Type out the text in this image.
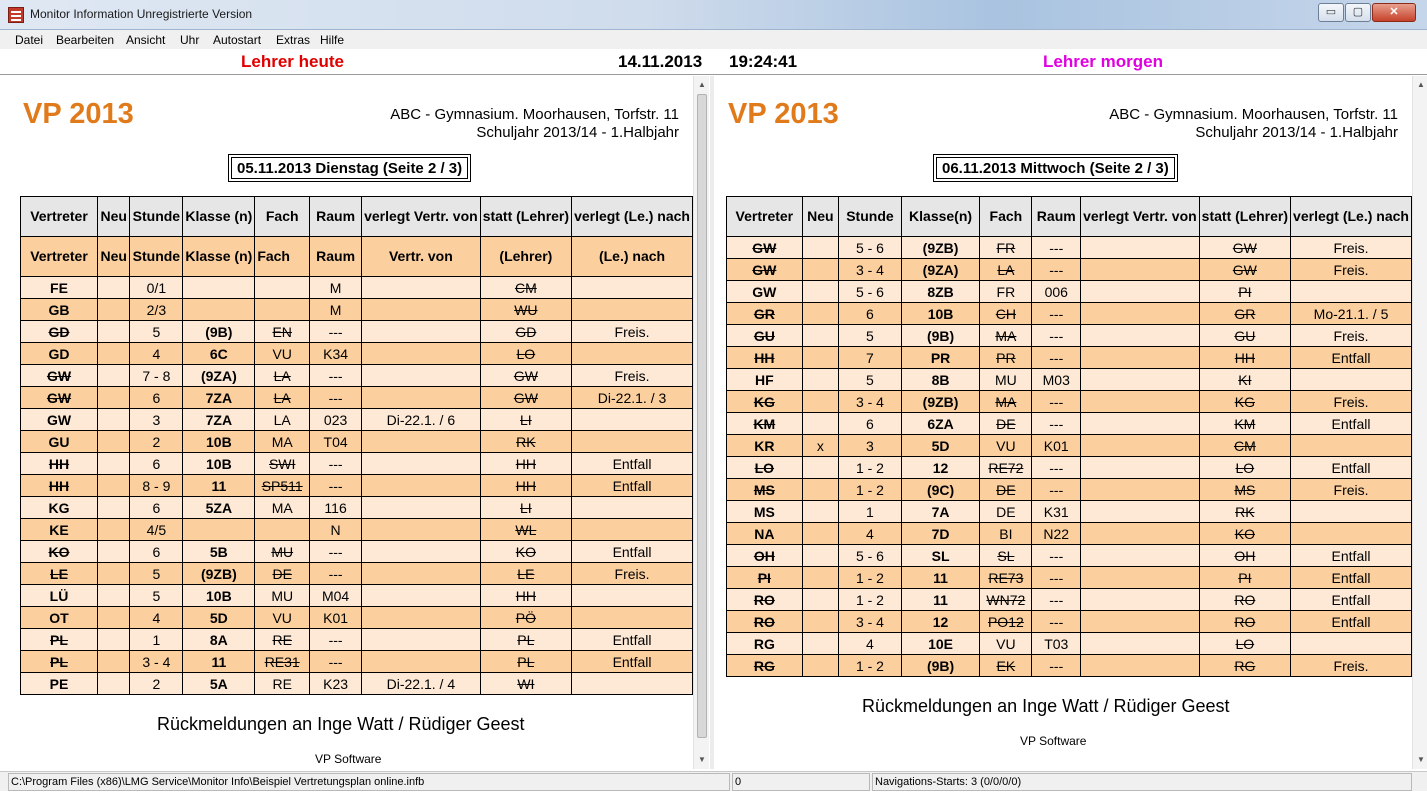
Monitor Information Unregistrierte Version	▭	▢	✕
Datei Bearbeiten Ansicht Uhr Autostart Extras Hilfe
Lehrer heute	14.11.2013 19:24:41	Lehrer morgen
VP 2013	ABC - Gymnasium. Moorhausen, Torfstr. 11
Schuljahr 2013/14 - 1.Halbjahr
05.11.2013 Dienstag (Seite 2 / 3)
Vertreter	Neu	Stunde	Klasse (n)	Fach	Raum	verlegt Vertr. von	statt (Lehrer)	verlegt (Le.) nach
Vertreter	Neu	Stunde	Klasse (n)	Fach	Raum	Vertr. von	(Lehrer)	(Le.) nach
FE		0/1			M		CM	
GB		2/3			M		WU	
GD		5	(9B)	EN	---		GD	Freis.
GD		4	6C	VU	K34		LO	
GW		7 - 8	(9ZA)	LA	---		GW	Freis.
GW		6	7ZA	LA	---		GW	Di-22.1. / 3
GW		3	7ZA	LA	023	Di-22.1. / 6	LI	
GU		2	10B	MA	T04		RK	
HH		6	10B	SWI	---		HH	Entfall
HH		8 - 9	11	SP511	---		HH	Entfall
KG		6	5ZA	MA	116		LI	
KE		4/5			N		WL	
KO		6	5B	MU	---		KO	Entfall
LE		5	(9ZB)	DE	---		LE	Freis.
LÜ		5	10B	MU	M04		HH	
OT		4	5D	VU	K01		PÖ	
PL		1	8A	RE	---		PL	Entfall
PL		3 - 4	11	RE31	---		PL	Entfall
PE		2	5A	RE	K23	Di-22.1. / 4	WI	
Rückmeldungen an Inge Watt / Rüdiger Geest
VP Software
▲
▼
VP 2013	ABC - Gymnasium. Moorhausen, Torfstr. 11
Schuljahr 2013/14 - 1.Halbjahr
06.11.2013 Mittwoch (Seite 2 / 3)
Vertreter	Neu	Stunde	Klasse(n)	Fach	Raum	verlegt Vertr. von	statt (Lehrer)	verlegt (Le.) nach
GW		5 - 6	(9ZB)	FR	---		GW	Freis.
GW		3 - 4	(9ZA)	LA	---		GW	Freis.
GW		5 - 6	8ZB	FR	006		PI	
GR		6	10B	CH	---		GR	Mo-21.1. / 5
GU		5	(9B)	MA	---		GU	Freis.
HH		7	PR	PR	---		HH	Entfall
HF		5	8B	MU	M03		KI	
KG		3 - 4	(9ZB)	MA	---		KG	Freis.
KM		6	6ZA	DE	---		KM	Entfall
KR	x	3	5D	VU	K01		CM	
LO		1 - 2	12	RE72	---		LO	Entfall
MS		1 - 2	(9C)	DE	---		MS	Freis.
MS		1	7A	DE	K31		RK	
NA		4	7D	BI	N22		KO	
OH		5 - 6	SL	SL	---		OH	Entfall
PI		1 - 2	11	RE73	---		PI	Entfall
RO		1 - 2	11	WN72	---		RO	Entfall
RO		3 - 4	12	PO12	---		RO	Entfall
RG		4	10E	VU	T03		LO	
RG		1 - 2	(9B)	EK	---		RG	Freis.
Rückmeldungen an Inge Watt / Rüdiger Geest
VP Software
▲
▼
C:\Program Files (x86)\LMG Service\Monitor Info\Beispiel Vertretungsplan online.infb	0	Navigations-Starts: 3 (0/0/0/0)
